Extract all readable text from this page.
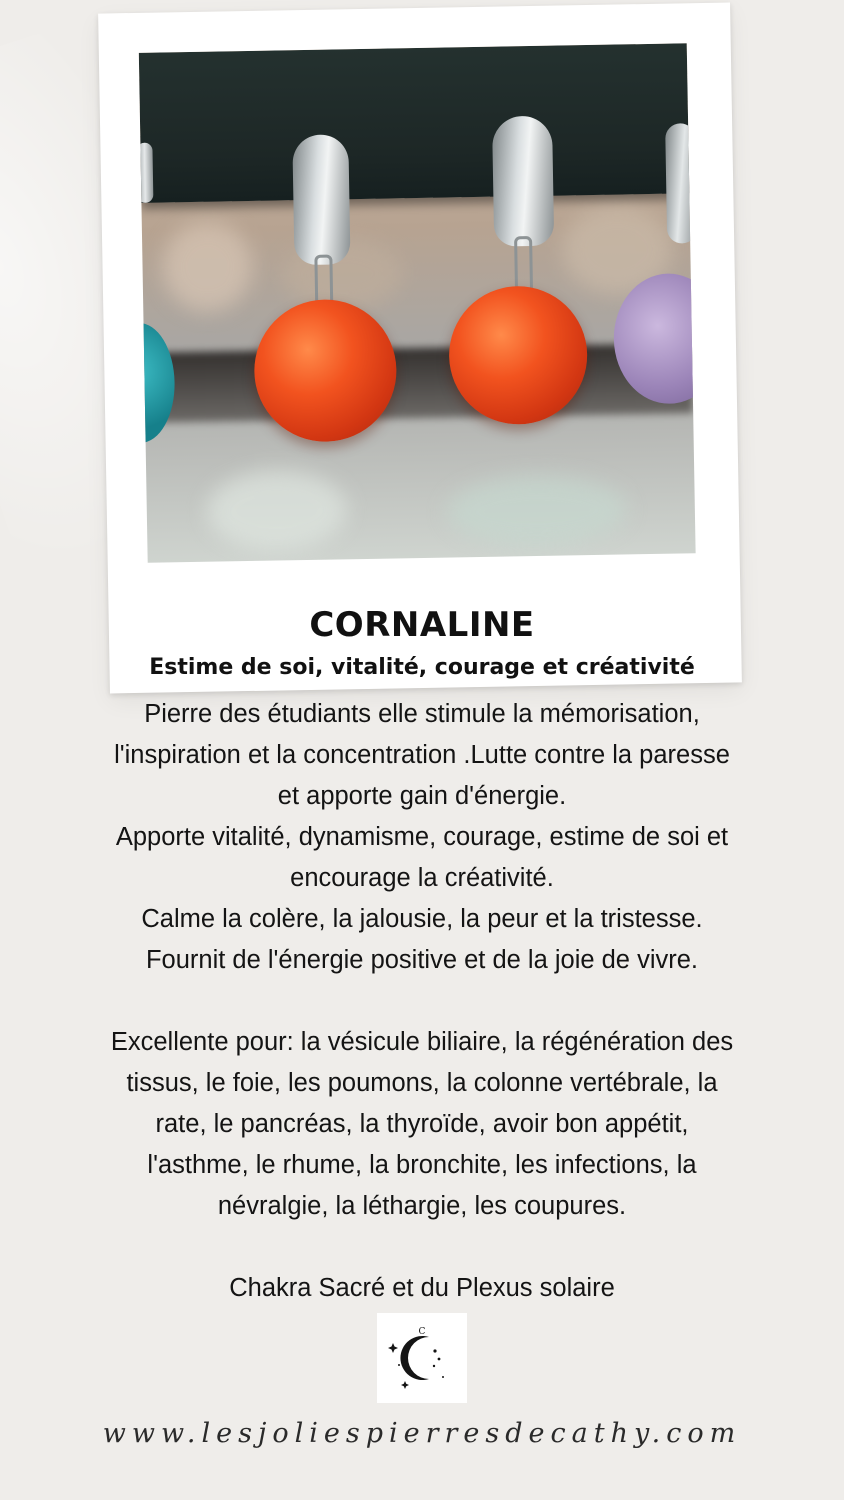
CORNALINE
Estime de soi, vitalité, courage et créativité

Pierre des étudiants elle stimule la mémorisation,

l'inspiration et la concentration .Lutte contre la paresse

et apporte gain d'énergie.

Apporte vitalité, dynamisme, courage, estime de soi et

encourage la créativité.

Calme la colère, la jalousie, la peur et la tristesse.

Fournit de l'énergie positive et de la joie de vivre.

Excellente pour: la vésicule biliaire, la régénération des

tissus, le foie, les poumons, la colonne vertébrale, la

rate, le pancréas, la thyroïde, avoir bon appétit,

l'asthme, le rhume, la bronchite, les infections, la

névralgie, la léthargie, les coupures.

Chakra Sacré et du Plexus solaire

C
www.lesjoliespierresdecathy.com
